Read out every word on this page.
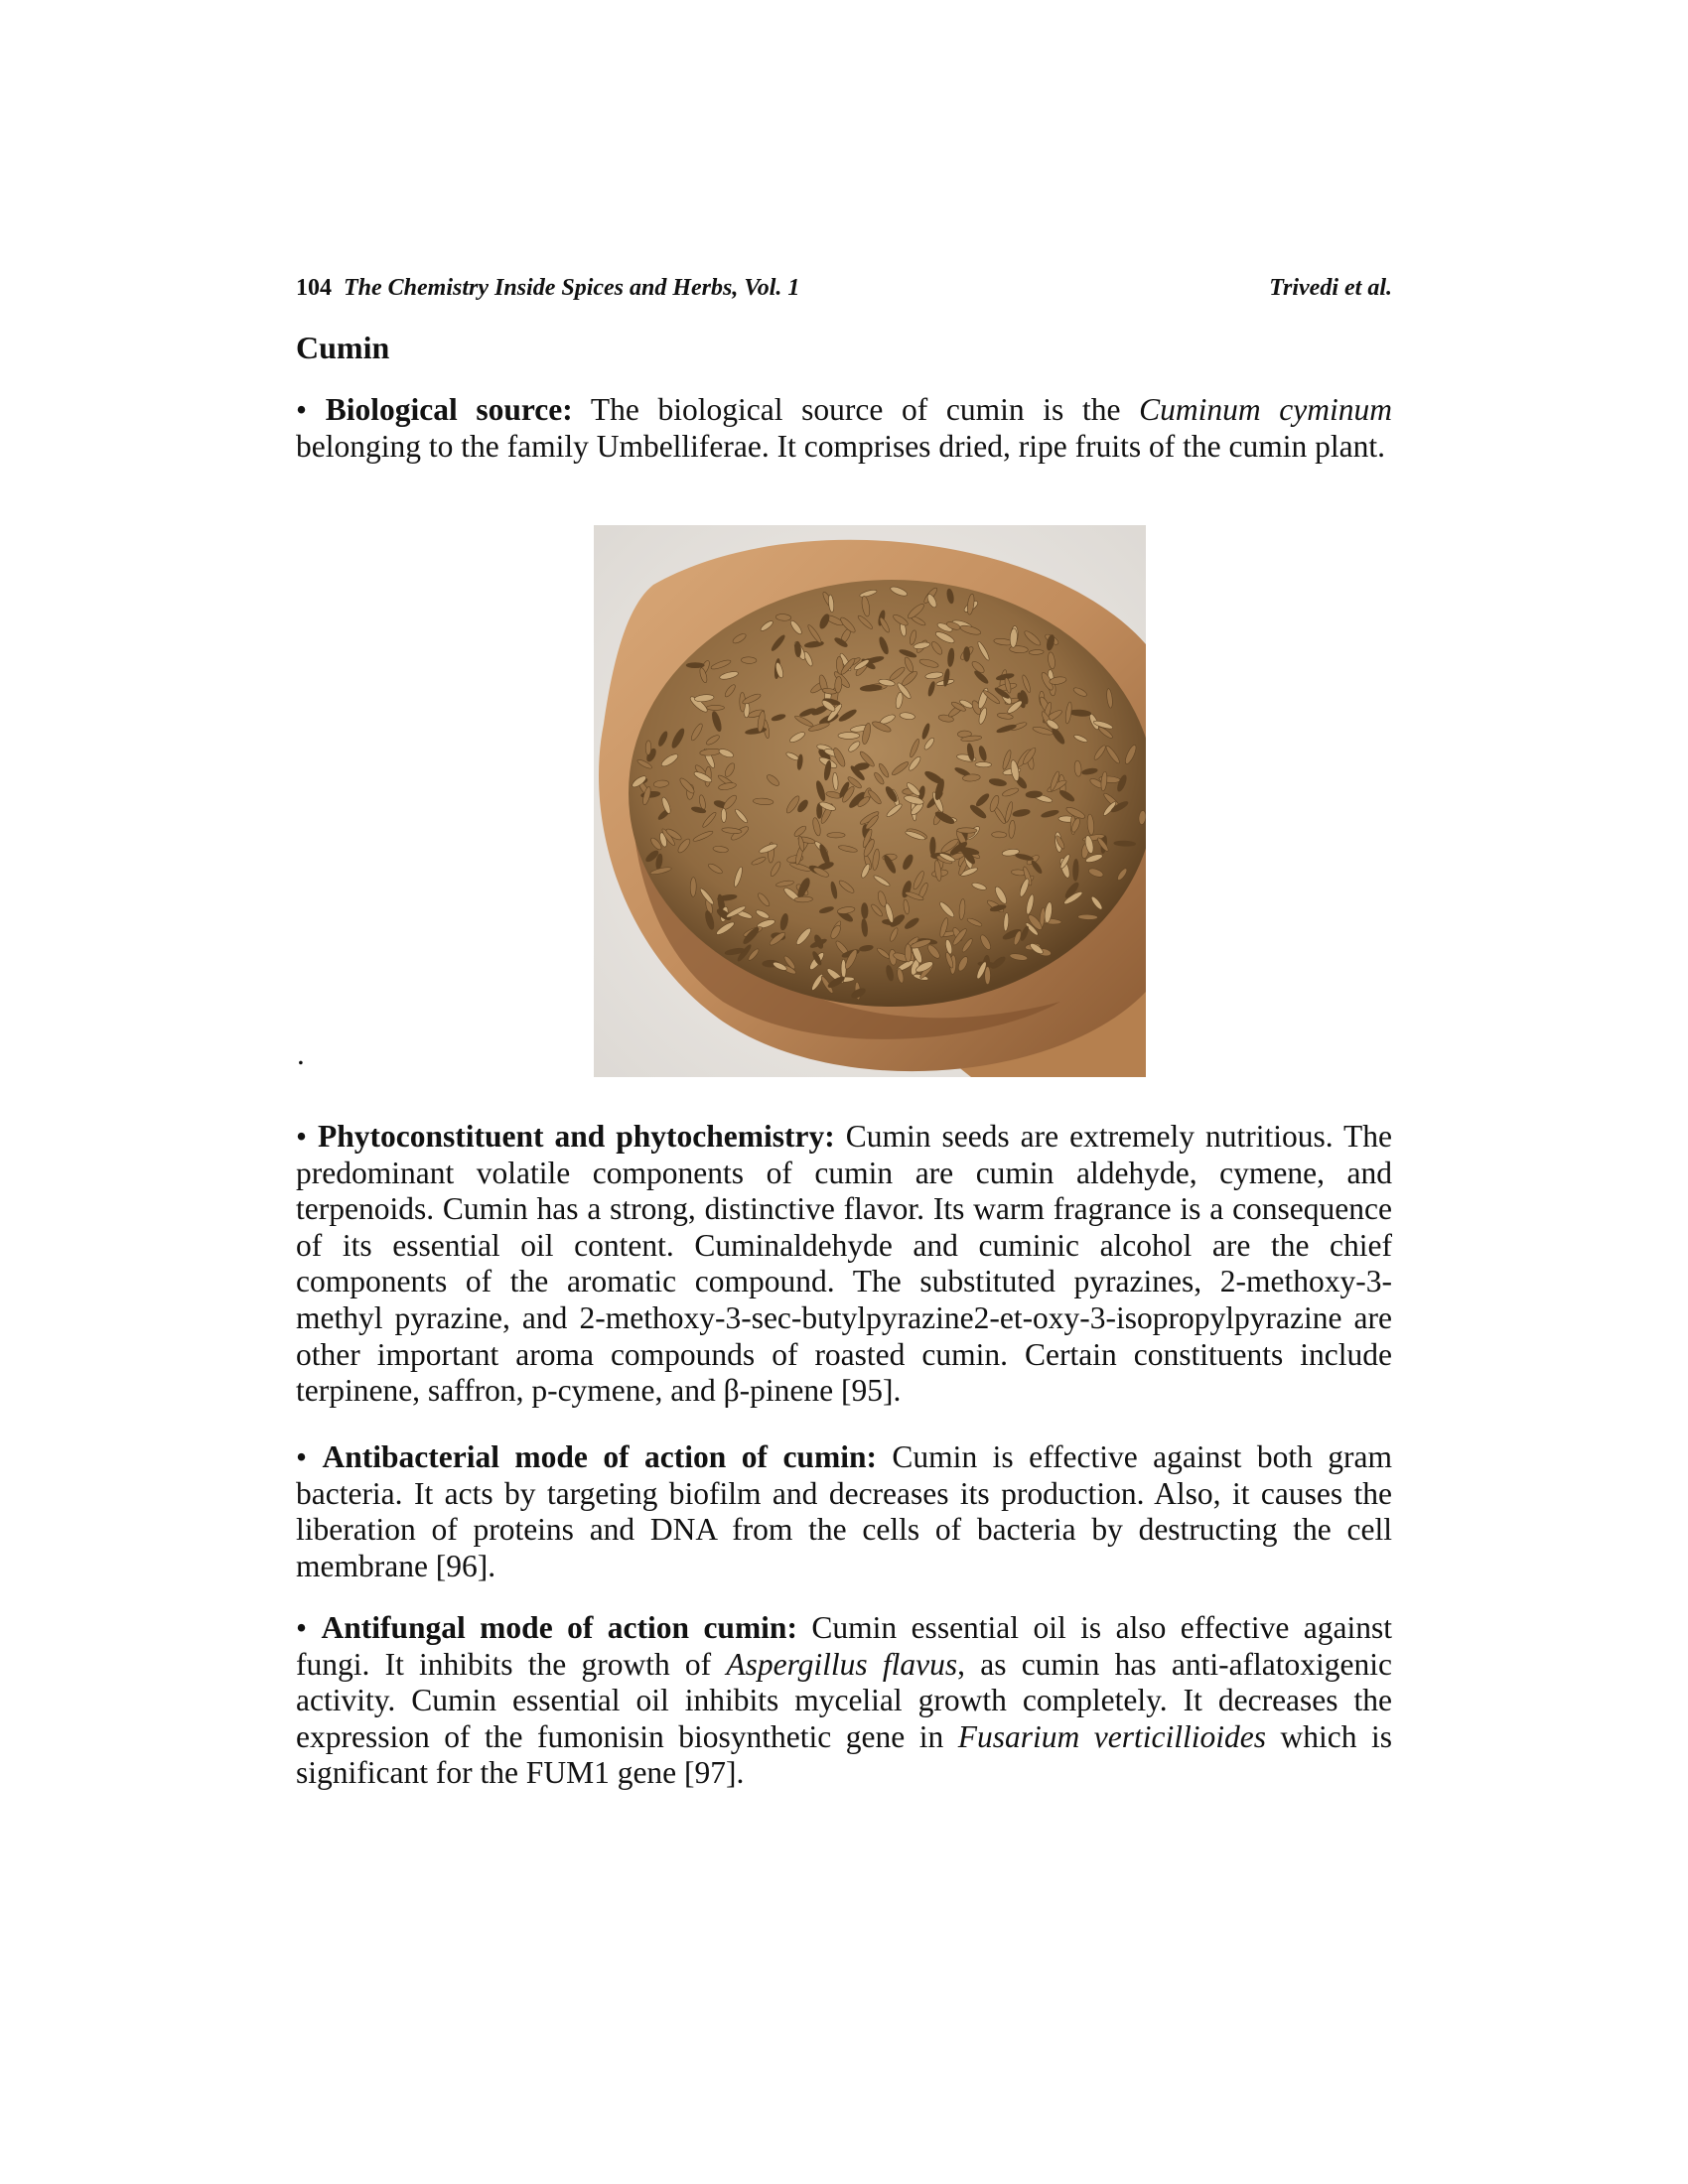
104 The Chemistry Inside Spices and Herbs, Vol. 1	Trivedi et al.
Cumin

• Biological source: The biological source of cumin is the Cuminum cyminum belonging to the family Umbelliferae. It comprises dried, ripe fruits of the cumin plant.

.

• Phytoconstituent and phytochemistry: Cumin seeds are extremely nutritious. The predominant volatile components of cumin are cumin aldehyde, cymene, and terpenoids. Cumin has a strong, distinctive flavor. Its warm fragrance is a consequence of its essential oil content. Cuminaldehyde and cuminic alcohol are the chief components of the aromatic compound. The substituted pyrazines, 2-methoxy-3-methyl pyrazine, and 2-methoxy-3-sec-butylpyrazine2-et-oxy-3-isopropylpyrazine are other important aroma compounds of roasted cumin. Certain constituents include terpinene, saffron, p-cymene, and β-pinene [95].

• Antibacterial mode of action of cumin: Cumin is effective against both gram bacteria. It acts by targeting biofilm and decreases its production. Also, it causes the liberation of proteins and DNA from the cells of bacteria by destructing the cell membrane [96].

• Antifungal mode of action cumin: Cumin essential oil is also effective against fungi. It inhibits the growth of Aspergillus flavus, as cumin has anti-aflatoxigenic activity. Cumin essential oil inhibits mycelial growth completely. It decreases the expression of the fumonisin biosynthetic gene in Fusarium verticillioides which is significant for the FUM1 gene [97].
